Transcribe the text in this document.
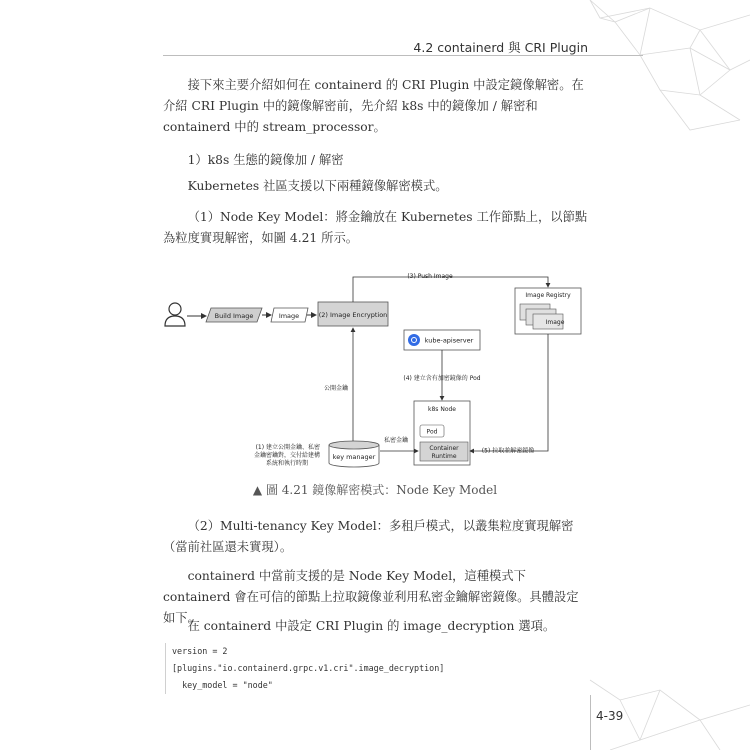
4.2 containerd 與 CRI Plugin

接下來主要介紹如何在 containerd 的 CRI Plugin 中設定鏡像解密。在介紹 CRI Plugin 中的鏡像解密前，先介紹 k8s 中的鏡像加 / 解密和 containerd 中的 stream_processor。

1）k8s 生態的鏡像加 / 解密

Kubernetes 社區支援以下兩種鏡像解密模式。

（1）Node Key Model：將金鑰放在 Kubernetes 工作節點上，以節點為粒度實現解密，如圖 4.21 所示。

Build Image	Image	(2) Image Encryption
(3) Push Image
Image Registry
Image
kube-apiserver
(4) 建立含有加密鏡像的 Pod
k8s Node
Pod
Container
Runtime
(5) 拉取並解密鏡像
key manager
公開金鑰
私密金鑰
(1) 建立公開金鑰、私密
金鑰密鑰對，交付給建構
系統和執行時期
▲ 圖 4.21 鏡像解密模式：Node Key Model

（2）Multi-tenancy Key Model：多租戶模式，以叢集粒度實現解密（當前社區還未實現）。

containerd 中當前支援的是 Node Key Model，這種模式下 containerd 會在可信的節點上拉取鏡像並利用私密金鑰解密鏡像。具體設定如下。

在 containerd 中設定 CRI Plugin 的 image_decryption 選項。

version = 2
[plugins."io.containerd.grpc.v1.cri".image_decryption]
key_model = "node"
4-39
